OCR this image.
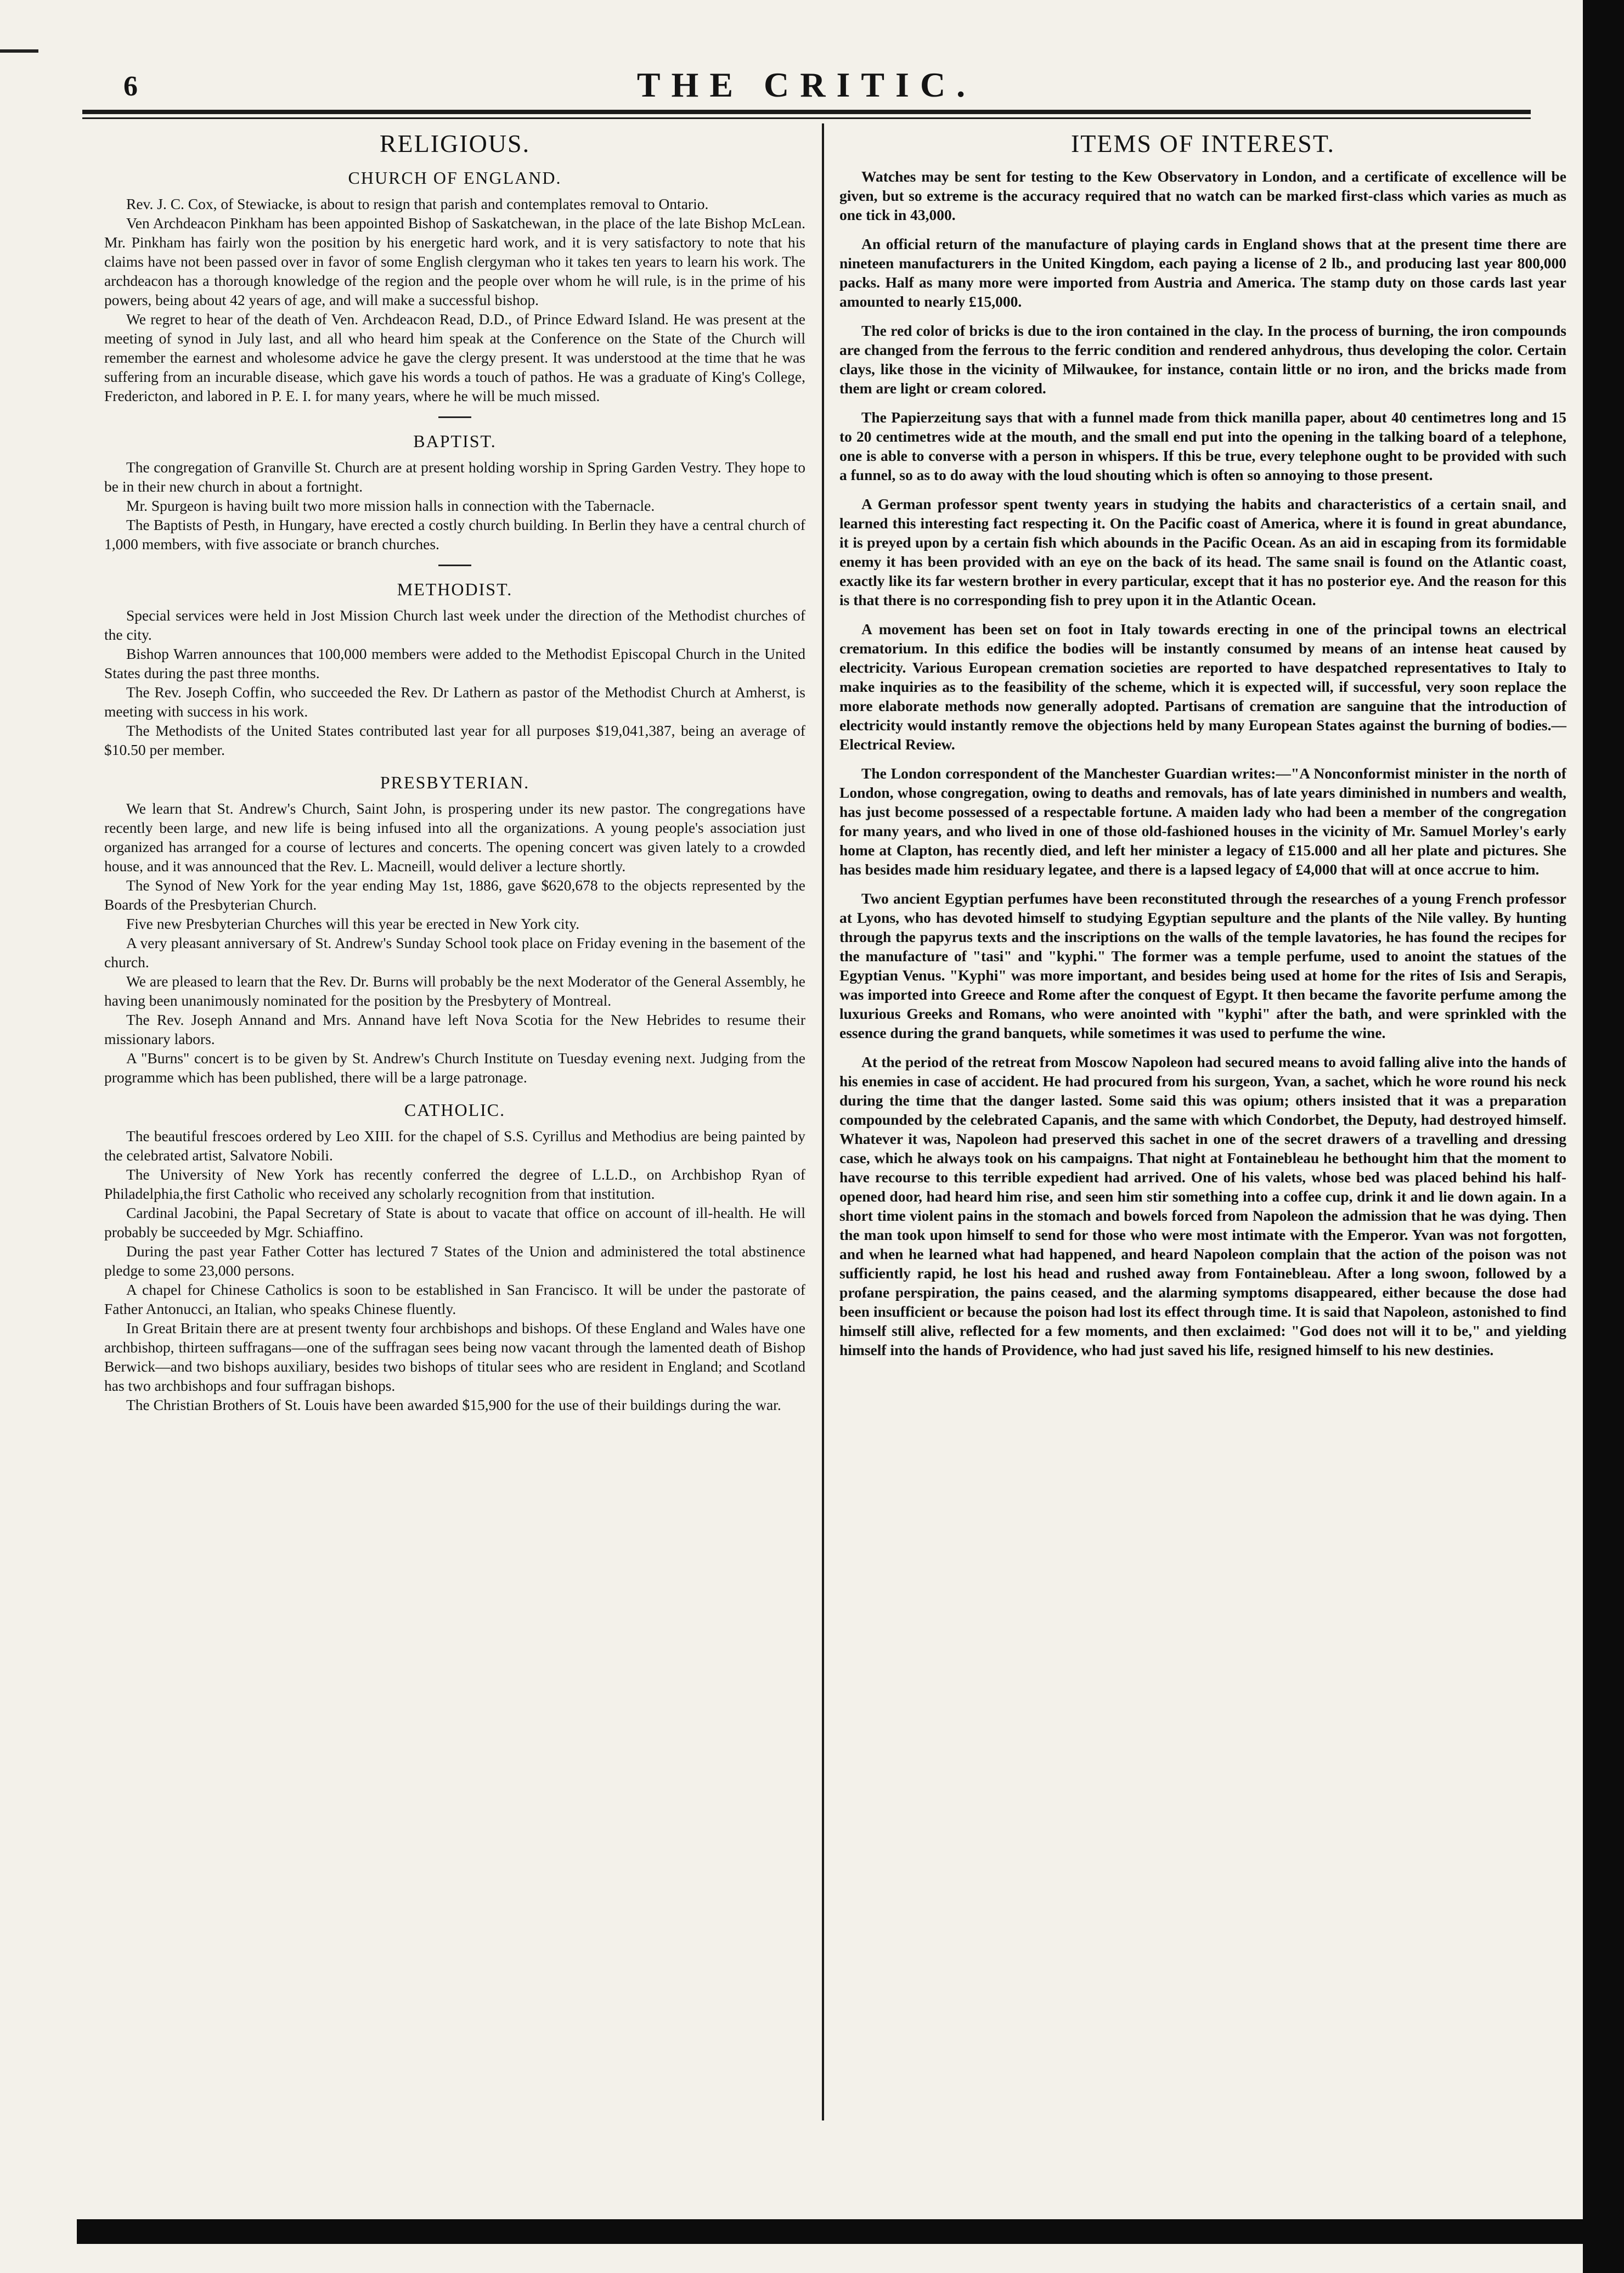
6	THE CRITIC.
RELIGIOUS.
CHURCH OF ENGLAND.

Rev. J. C. Cox, of Stewiacke, is about to resign that parish and contemplates removal to Ontario.

Ven Archdeacon Pinkham has been appointed Bishop of Saskatchewan, in the place of the late Bishop McLean. Mr. Pinkham has fairly won the position by his energetic hard work, and it is very satisfactory to note that his claims have not been passed over in favor of some English clergyman who it takes ten years to learn his work. The archdeacon has a thorough knowledge of the region and the people over whom he will rule, is in the prime of his powers, being about 42 years of age, and will make a successful bishop.

We regret to hear of the death of Ven. Archdeacon Read, D.D., of Prince Edward Island. He was present at the meeting of synod in July last, and all who heard him speak at the Conference on the State of the Church will remember the earnest and wholesome advice he gave the clergy present. It was understood at the time that he was suffering from an incurable disease, which gave his words a touch of pathos. He was a graduate of King's College, Fredericton, and labored in P. E. I. for many years, where he will be much missed.

BAPTIST.

The congregation of Granville St. Church are at present holding worship in Spring Garden Vestry. They hope to be in their new church in about a fortnight.

Mr. Spurgeon is having built two more mission halls in connection with the Tabernacle.

The Baptists of Pesth, in Hungary, have erected a costly church building. In Berlin they have a central church of 1,000 members, with five associate or branch churches.

METHODIST.

Special services were held in Jost Mission Church last week under the direction of the Methodist churches of the city.

Bishop Warren announces that 100,000 members were added to the Methodist Episcopal Church in the United States during the past three months.

The Rev. Joseph Coffin, who succeeded the Rev. Dr Lathern as pastor of the Methodist Church at Amherst, is meeting with success in his work.

The Methodists of the United States contributed last year for all purposes $19,041,387, being an average of $10.50 per member.

PRESBYTERIAN.

We learn that St. Andrew's Church, Saint John, is prospering under its new pastor. The congregations have recently been large, and new life is being infused into all the organizations. A young people's association just organized has arranged for a course of lectures and concerts. The opening concert was given lately to a crowded house, and it was announced that the Rev. L. Macneill, would deliver a lecture shortly.

The Synod of New York for the year ending May 1st, 1886, gave $620,678 to the objects represented by the Boards of the Presbyterian Church.

Five new Presbyterian Churches will this year be erected in New York city.

A very pleasant anniversary of St. Andrew's Sunday School took place on Friday evening in the basement of the church.

We are pleased to learn that the Rev. Dr. Burns will probably be the next Moderator of the General Assembly, he having been unanimously nominated for the position by the Presbytery of Montreal.

The Rev. Joseph Annand and Mrs. Annand have left Nova Scotia for the New Hebrides to resume their missionary labors.

A "Burns" concert is to be given by St. Andrew's Church Institute on Tuesday evening next. Judging from the programme which has been published, there will be a large patronage.

CATHOLIC.

The beautiful frescoes ordered by Leo XIII. for the chapel of S.S. Cyrillus and Methodius are being painted by the celebrated artist, Salvatore Nobili.

The University of New York has recently conferred the degree of L.L.D., on Archbishop Ryan of Philadelphia,the first Catholic who received any scholarly recognition from that institution.

Cardinal Jacobini, the Papal Secretary of State is about to vacate that office on account of ill-health. He will probably be succeeded by Mgr. Schiaffino.

During the past year Father Cotter has lectured 7 States of the Union and administered the total abstinence pledge to some 23,000 persons.

A chapel for Chinese Catholics is soon to be established in San Francisco. It will be under the pastorate of Father Antonucci, an Italian, who speaks Chinese fluently.

In Great Britain there are at present twenty four archbishops and bishops. Of these England and Wales have one archbishop, thirteen suffragans—one of the suffragan sees being now vacant through the lamented death of Bishop Berwick—and two bishops auxiliary, besides two bishops of titular sees who are resident in England; and Scotland has two archbishops and four suffragan bishops.

The Christian Brothers of St. Louis have been awarded $15,900 for the use of their buildings during the war.

ITEMS OF INTEREST.

Watches may be sent for testing to the Kew Observatory in London, and a certificate of excellence will be given, but so extreme is the accuracy required that no watch can be marked first-class which varies as much as one tick in 43,000.

An official return of the manufacture of playing cards in England shows that at the present time there are nineteen manufacturers in the United Kingdom, each paying a license of 2 lb., and producing last year 800,000 packs. Half as many more were imported from Austria and America. The stamp duty on those cards last year amounted to nearly £15,000.

The red color of bricks is due to the iron contained in the clay. In the process of burning, the iron compounds are changed from the ferrous to the ferric condition and rendered anhydrous, thus developing the color. Certain clays, like those in the vicinity of Milwaukee, for instance, contain little or no iron, and the bricks made from them are light or cream colored.

The Papierzeitung says that with a funnel made from thick manilla paper, about 40 centimetres long and 15 to 20 centimetres wide at the mouth, and the small end put into the opening in the talking board of a telephone, one is able to converse with a person in whispers. If this be true, every telephone ought to be provided with such a funnel, so as to do away with the loud shouting which is often so annoying to those present.

A German professor spent twenty years in studying the habits and characteristics of a certain snail, and learned this interesting fact respecting it. On the Pacific coast of America, where it is found in great abundance, it is preyed upon by a certain fish which abounds in the Pacific Ocean. As an aid in escaping from its formidable enemy it has been provided with an eye on the back of its head. The same snail is found on the Atlantic coast, exactly like its far western brother in every particular, except that it has no posterior eye. And the reason for this is that there is no corresponding fish to prey upon it in the Atlantic Ocean.

A movement has been set on foot in Italy towards erecting in one of the principal towns an electrical crematorium. In this edifice the bodies will be instantly consumed by means of an intense heat caused by electricity. Various European cremation societies are reported to have despatched representatives to Italy to make inquiries as to the feasibility of the scheme, which it is expected will, if successful, very soon replace the more elaborate methods now generally adopted. Partisans of cremation are sanguine that the introduction of electricity would instantly remove the objections held by many European States against the burning of bodies.—Electrical Review.

The London correspondent of the Manchester Guardian writes:—"A Nonconformist minister in the north of London, whose congregation, owing to deaths and removals, has of late years diminished in numbers and wealth, has just become possessed of a respectable fortune. A maiden lady who had been a member of the congregation for many years, and who lived in one of those old-fashioned houses in the vicinity of Mr. Samuel Morley's early home at Clapton, has recently died, and left her minister a legacy of £15.000 and all her plate and pictures. She has besides made him residuary legatee, and there is a lapsed legacy of £4,000 that will at once accrue to him.

Two ancient Egyptian perfumes have been reconstituted through the researches of a young French professor at Lyons, who has devoted himself to studying Egyptian sepulture and the plants of the Nile valley. By hunting through the papyrus texts and the inscriptions on the walls of the temple lavatories, he has found the recipes for the manufacture of "tasi" and "kyphi." The former was a temple perfume, used to anoint the statues of the Egyptian Venus. "Kyphi" was more important, and besides being used at home for the rites of Isis and Serapis, was imported into Greece and Rome after the conquest of Egypt. It then became the favorite perfume among the luxurious Greeks and Romans, who were anointed with "kyphi" after the bath, and were sprinkled with the essence during the grand banquets, while sometimes it was used to perfume the wine.

At the period of the retreat from Moscow Napoleon had secured means to avoid falling alive into the hands of his enemies in case of accident. He had procured from his surgeon, Yvan, a sachet, which he wore round his neck during the time that the danger lasted. Some said this was opium; others insisted that it was a preparation compounded by the celebrated Capanis, and the same with which Condorbet, the Deputy, had destroyed himself. Whatever it was, Napoleon had preserved this sachet in one of the secret drawers of a travelling and dressing case, which he always took on his campaigns. That night at Fontainebleau he bethought him that the moment to have recourse to this terrible expedient had arrived. One of his valets, whose bed was placed behind his half-opened door, had heard him rise, and seen him stir something into a coffee cup, drink it and lie down again. In a short time violent pains in the stomach and bowels forced from Napoleon the admission that he was dying. Then the man took upon himself to send for those who were most intimate with the Emperor. Yvan was not forgotten, and when he learned what had happened, and heard Napoleon complain that the action of the poison was not sufficiently rapid, he lost his head and rushed away from Fontainebleau. After a long swoon, followed by a profane perspiration, the pains ceased, and the alarming symptoms disappeared, either because the dose had been insufficient or because the poison had lost its effect through time. It is said that Napoleon, astonished to find himself still alive, reflected for a few moments, and then exclaimed: "God does not will it to be," and yielding himself into the hands of Providence, who had just saved his life, resigned himself to his new destinies.
